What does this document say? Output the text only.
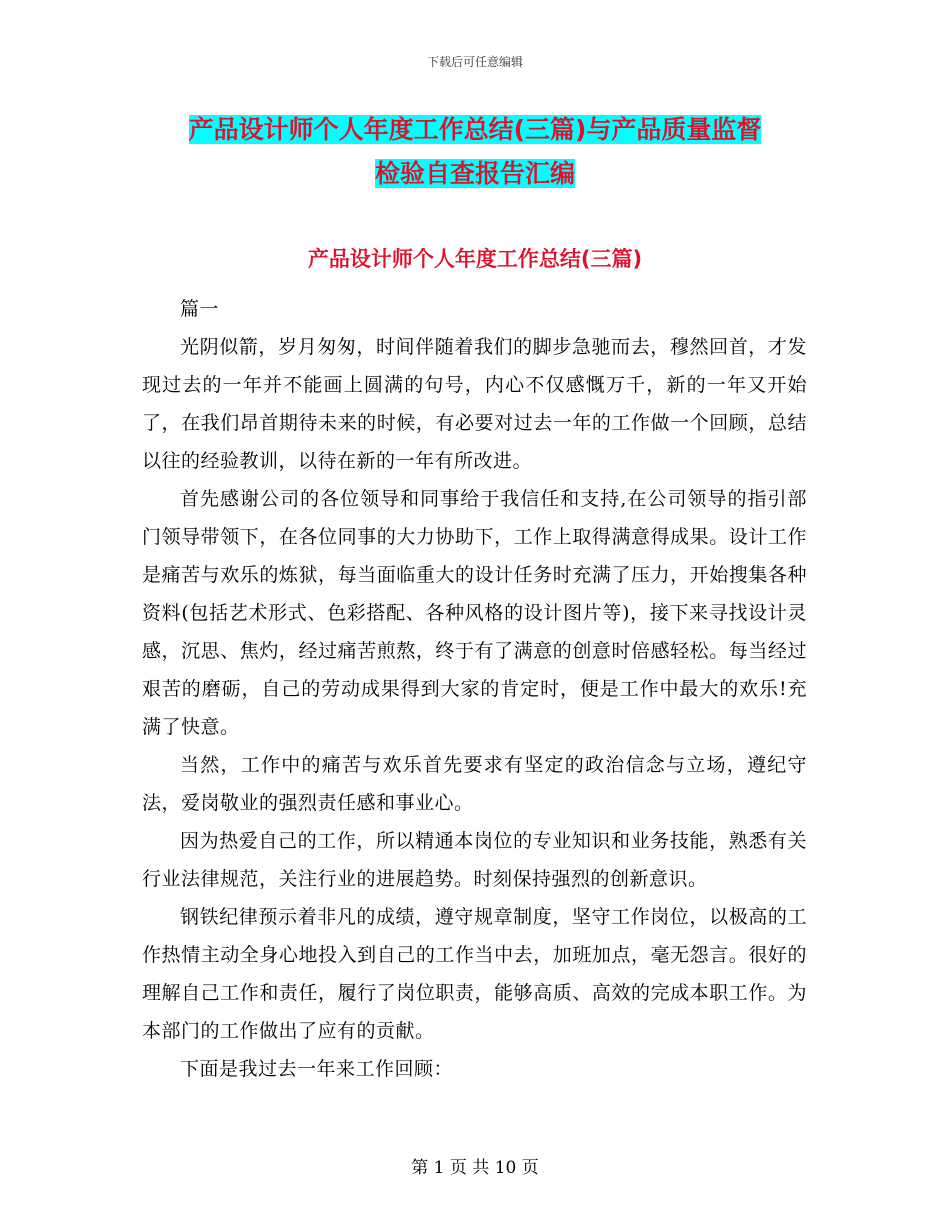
下载后可任意编辑
产品设计师个人年度工作总结(三篇)与产品质量监督
检验自查报告汇编
产品设计师个人年度工作总结(三篇)

篇一

光阴似箭，岁月匆匆，时间伴随着我们的脚步急驰而去，穆然回首，才发现过去的一年并不能画上圆满的句号，内心不仅感慨万千，新的一年又开始了，在我们昂首期待未来的时候，有必要对过去一年的工作做一个回顾，总结以往的经验教训，以待在新的一年有所改进。

首先感谢公司的各位领导和同事给于我信任和支持,在公司领导的指引部门领导带领下，在各位同事的大力协助下，工作上取得满意得成果。设计工作是痛苦与欢乐的炼狱，每当面临重大的设计任务时充满了压力，开始搜集各种资料(包括艺术形式、色彩搭配、各种风格的设计图片等)，接下来寻找设计灵感，沉思、焦灼，经过痛苦煎熬，终于有了满意的创意时倍感轻松。每当经过艰苦的磨砺，自己的劳动成果得到大家的肯定时，便是工作中最大的欢乐!充满了快意。

当然，工作中的痛苦与欢乐首先要求有坚定的政治信念与立场，遵纪守法，爱岗敬业的强烈责任感和事业心。

因为热爱自己的工作，所以精通本岗位的专业知识和业务技能，熟悉有关行业法律规范，关注行业的进展趋势。时刻保持强烈的创新意识。

钢铁纪律预示着非凡的成绩，遵守规章制度，坚守工作岗位，以极高的工作热情主动全身心地投入到自己的工作当中去，加班加点，毫无怨言。很好的理解自己工作和责任，履行了岗位职责，能够高质、高效的完成本职工作。为本部门的工作做出了应有的贡献。

下面是我过去一年来工作回顾：

第 1 页 共 10 页
